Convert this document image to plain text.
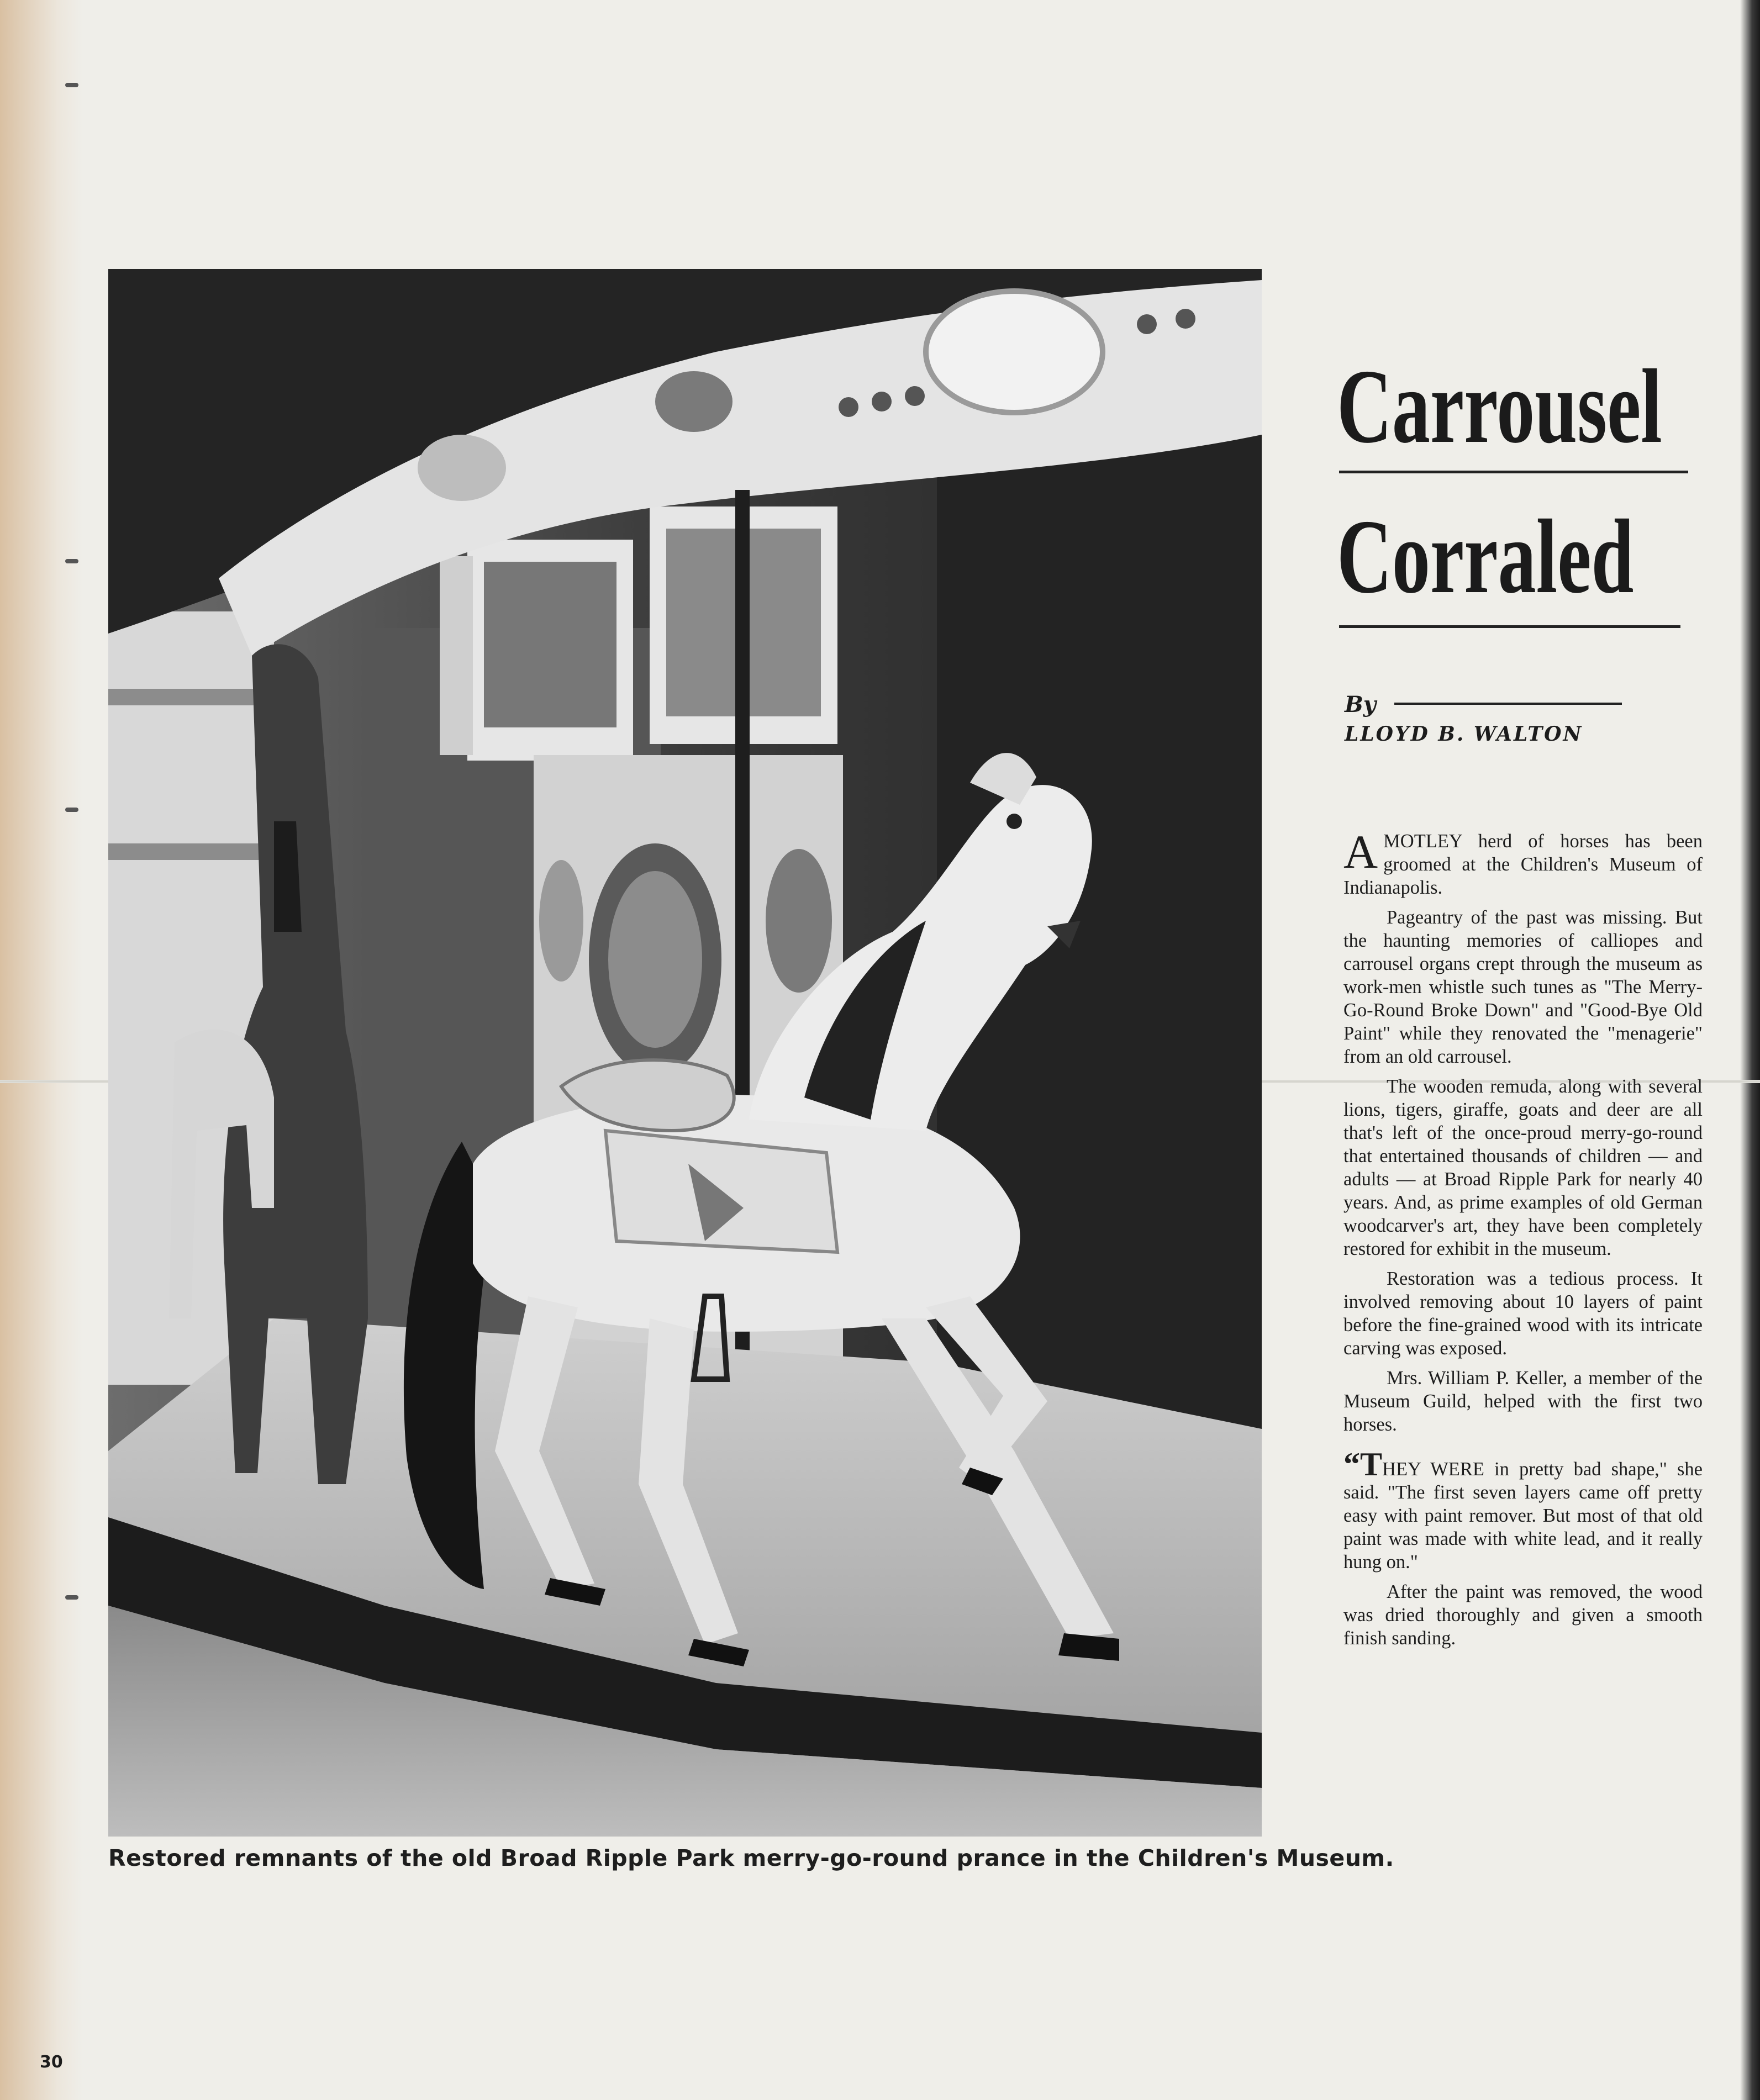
Restored remnants of the old Broad Ripple Park merry-go-round prance in the Children's Museum.
Carrousel
Corraled
By
LLOYD B. WALTON

A MOTLEY herd of horses has been groomed at the Children's Museum of Indianapolis.

Pageantry of the past was missing. But the haunting memories of calliopes and carrousel organs crept through the museum as work-men whistle such tunes as "The Merry-Go-Round Broke Down" and "Good-Bye Old Paint" while they renovated the "menagerie" from an old carrousel.

The wooden remuda, along with several lions, tigers, giraffe, goats and deer are all that's left of the once-proud merry-go-round that entertained thousands of children — and adults — at Broad Ripple Park for nearly 40 years. And, as prime examples of old German woodcarver's art, they have been completely restored for exhibit in the museum.

Restoration was a tedious process. It involved removing about 10 layers of paint before the fine-grained wood with its intricate carving was exposed.

Mrs. William P. Keller, a member of the Museum Guild, helped with the first two horses.

“THEY WERE in pretty bad shape," she said. "The first seven layers came off pretty easy with paint remover. But most of that old paint was made with white lead, and it really hung on."

After the paint was removed, the wood was dried thoroughly and given a smooth finish sanding.

30
